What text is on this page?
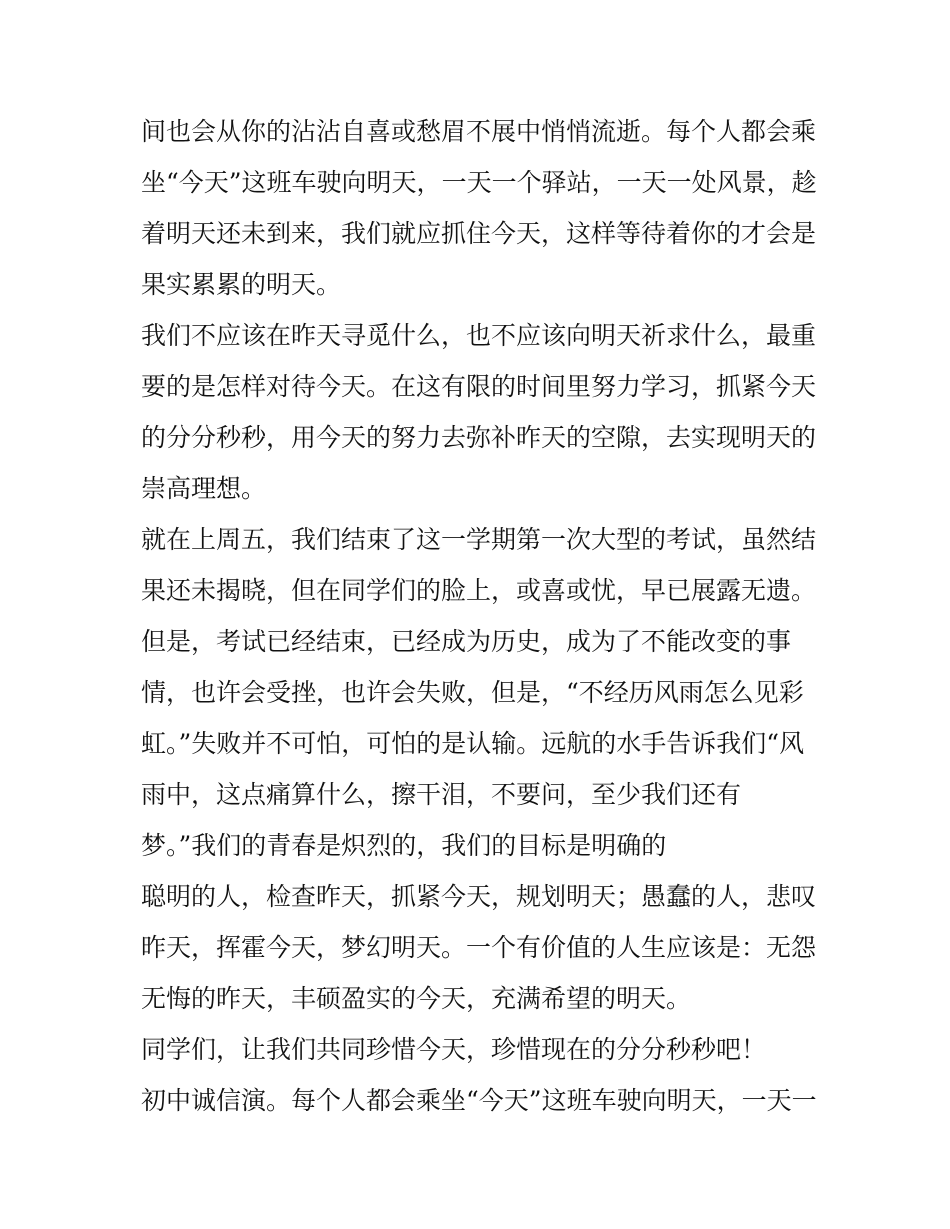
间也会从你的沾沾自喜或愁眉不展中悄悄流逝。每个人都会乘
坐“今天”这班车驶向明天，一天一个驿站，一天一处风景，趁
着明天还未到来，我们就应抓住今天，这样等待着你的才会是
果实累累的明天。
我们不应该在昨天寻觅什么，也不应该向明天祈求什么，最重
要的是怎样对待今天。在这有限的时间里努力学习，抓紧今天
的分分秒秒，用今天的努力去弥补昨天的空隙，去实现明天的
崇高理想。
就在上周五，我们结束了这一学期第一次大型的考试，虽然结
果还未揭晓，但在同学们的脸上，或喜或忧，早已展露无遗。
但是，考试已经结束，已经成为历史，成为了不能改变的事
情，也许会受挫，也许会失败，但是，“不经历风雨怎么见彩
虹。”失败并不可怕，可怕的是认输。远航的水手告诉我们“风
雨中，这点痛算什么，擦干泪，不要问，至少我们还有
梦。”我们的青春是炽烈的，我们的目标是明确的
聪明的人，检查昨天，抓紧今天，规划明天；愚蠢的人，悲叹
昨天，挥霍今天，梦幻明天。一个有价值的人生应该是：无怨
无悔的昨天，丰硕盈实的今天，充满希望的明天。
同学们，让我们共同珍惜今天，珍惜现在的分分秒秒吧！
初中诚信演。每个人都会乘坐“今天”这班车驶向明天，一天一
